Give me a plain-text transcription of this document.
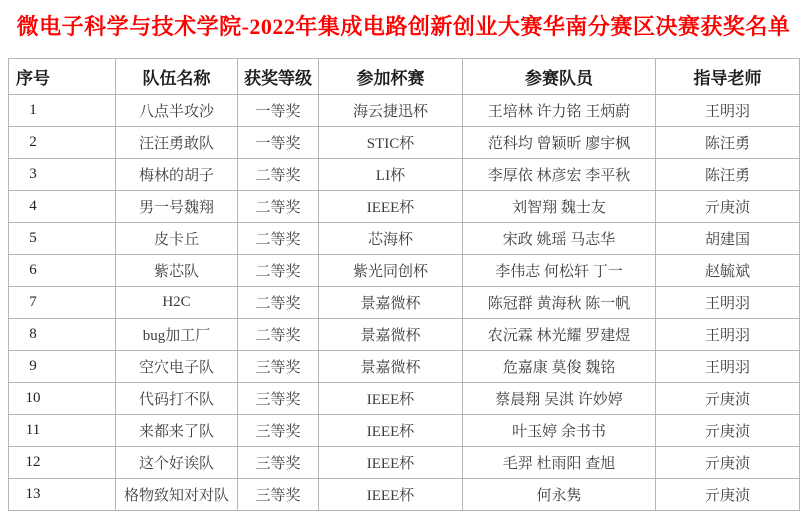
微电子科学与技术学院-2022年集成电路创新创业大赛华南分赛区决赛获奖名单
序号	队伍名称	获奖等级	参加杯赛	参赛队员	指导老师
1	八点半攻沙	一等奖	海云捷迅杯	王培林 许力铭 王炳蔚	王明羽
2	汪汪勇敢队	一等奖	STIC杯	范科均 曾颖昕 廖宇枫	陈汪勇
3	梅林的胡子	二等奖	LI杯	李厚依 林彦宏 李平秋	陈汪勇
4	男一号魏翔	二等奖	IEEE杯	刘智翔 魏士友	亓庚浈
5	皮卡丘	二等奖	芯海杯	宋政 姚瑶 马志华	胡建国
6	紫芯队	二等奖	紫光同创杯	李伟志 何松轩 丁一	赵毓斌
7	H2C	二等奖	景嘉微杯	陈冠群 黄海秋 陈一帆	王明羽
8	bug加工厂	二等奖	景嘉微杯	农沅霖 林光耀 罗建煜	王明羽
9	空穴电子队	三等奖	景嘉微杯	危嘉康 莫俊 魏铭	王明羽
10	代码打不队	三等奖	IEEE杯	蔡晨翔 吴淇 许妙婷	亓庚浈
11	来都来了队	三等奖	IEEE杯	叶玉婷 余书书	亓庚浈
12	这个好诶队	三等奖	IEEE杯	毛羿 杜雨阳 查旭	亓庚浈
13	格物致知对对队	三等奖	IEEE杯	何永隽	亓庚浈
